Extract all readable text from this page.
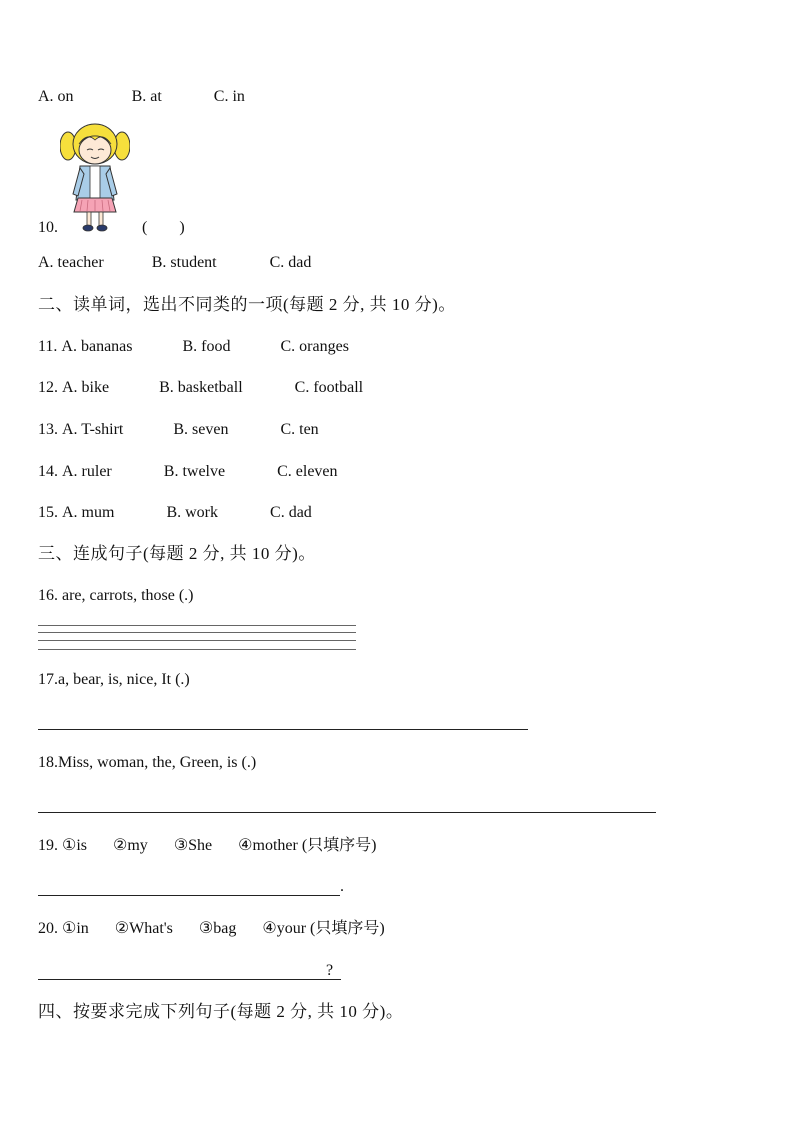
A. on	B. at	C. in
10.	(　　)
A. teacher	B. student	C. dad
二、读单词，选出不同类的一项(每题 2 分, 共 10 分)。
11. A. bananas	B. food	C. oranges
12. A. bike	B. basketball	C. football
13. A. T-shirt	B. seven	C. ten
14. A. ruler	B. twelve	C. eleven
15. A. mum	B. work	C. dad
三、连成句子(每题 2 分, 共 10 分)。
16. are, carrots, those (.)
17.a, bear, is, nice, It (.)
18.Miss, woman, the, Green, is (.)
19. ①is ②my ③She ④mother (只填序号)
.
20. ①in ②What's ③bag ④your (只填序号)
?
四、按要求完成下列句子(每题 2 分, 共 10 分)。
